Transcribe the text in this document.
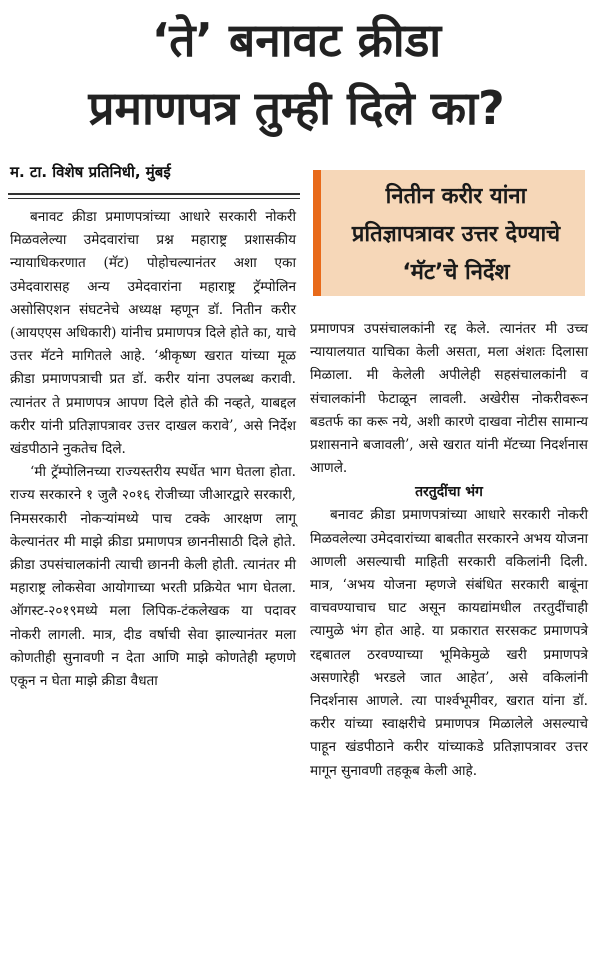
‘ते’ बनावट क्रीडा
प्रमाणपत्र तुम्ही दिले का?
म. टा. विशेष प्रतिनिधी, मुंबई
नितीन करीर यांना प्रतिज्ञापत्रावर उत्तर देण्याचे ‘मॅट’चे निर्देश

बनावट क्रीडा प्रमाणपत्रांच्या आधारे सरकारी नोकरी मिळवलेल्या उमेदवारांचा प्रश्न महाराष्ट्र प्रशासकीय न्यायाधिकरणात (मॅट) पोहोचल्यानंतर अशा एका उमेदवारासह अन्य उमेदवारांना महाराष्ट्र ट्रॅम्पोलिन असोसिएशन संघटनेचे अध्यक्ष म्हणून डॉ. नितीन करीर (आयएएस अधिकारी) यांनीच प्रमाणपत्र दिले होते का, याचे उत्तर मॅटने मागितले आहे. ‘श्रीकृष्ण खरात यांच्या मूळ क्रीडा प्रमाणपत्राची प्रत डॉ. करीर यांना उपलब्ध करावी. त्यानंतर ते प्रमाणपत्र आपण दिले होते की नव्हते, याबद्दल करीर यांनी प्रतिज्ञापत्रावर उत्तर दाखल करावे’, असे निर्देश खंडपीठाने नुकतेच दिले.

‘मी ट्रॅम्पोलिनच्या राज्यस्तरीय स्पर्धेत भाग घेतला होता. राज्य सरकारने १ जुलै २०१६ रोजीच्या जीआरद्वारे सरकारी, निमसरकारी नोकऱ्यांमध्ये पाच टक्के आरक्षण लागू केल्यानंतर मी माझे क्रीडा प्रमाणपत्र छाननीसाठी दिले होते. क्रीडा उपसंचालकांनी त्याची छाननी केली होती. त्यानंतर मी महाराष्ट्र लोकसेवा आयोगाच्या भरती प्रक्रियेत भाग घेतला. ऑगस्ट-२०१९मध्ये मला लिपिक-टंकलेखक या पदावर नोकरी लागली. मात्र, दीड वर्षाची सेवा झाल्यानंतर मला कोणतीही सुनावणी न देता आणि माझे कोणतेही म्हणणे एकून न घेता माझे क्रीडा वैधता

प्रमाणपत्र उपसंचालकांनी रद्द केले. त्यानंतर मी उच्च न्यायालयात याचिका केली असता, मला अंशतः दिलासा मिळाला. मी केलेली अपीलेही सहसंचालकांनी व संचालकांनी फेटाळून लावली. अखेरीस नोकरीवरून बडतर्फ का करू नये, अशी कारणे दाखवा नोटीस सामान्य प्रशासनाने बजावली’, असे खरात यांनी मॅटच्या निदर्शनास आणले.

तरतुदींचा भंग

बनावट क्रीडा प्रमाणपत्रांच्या आधारे सरकारी नोकरी मिळवलेल्या उमेदवारांच्या बाबतीत सरकारने अभय योजना आणली असल्याची माहिती सरकारी वकिलांनी दिली. मात्र, ‘अभय योजना म्हणजे संबंधित सरकारी बाबूंना वाचवण्याचाच घाट असून कायद्यांमधील तरतुदींचाही त्यामुळे भंग होत आहे. या प्रकारात सरसकट प्रमाणपत्रे रद्दबातल ठरवण्याच्या भूमिकेमुळे खरी प्रमाणपत्रे असणारेही भरडले जात आहेत’, असे वकिलांनी निदर्शनास आणले. त्या पार्श्वभूमीवर, खरात यांना डॉ. करीर यांच्या स्वाक्षरीचे प्रमाणपत्र मिळालेले असल्याचे पाहून खंडपीठाने करीर यांच्याकडे प्रतिज्ञापत्रावर उत्तर मागून सुनावणी तहकूब केली आहे.
